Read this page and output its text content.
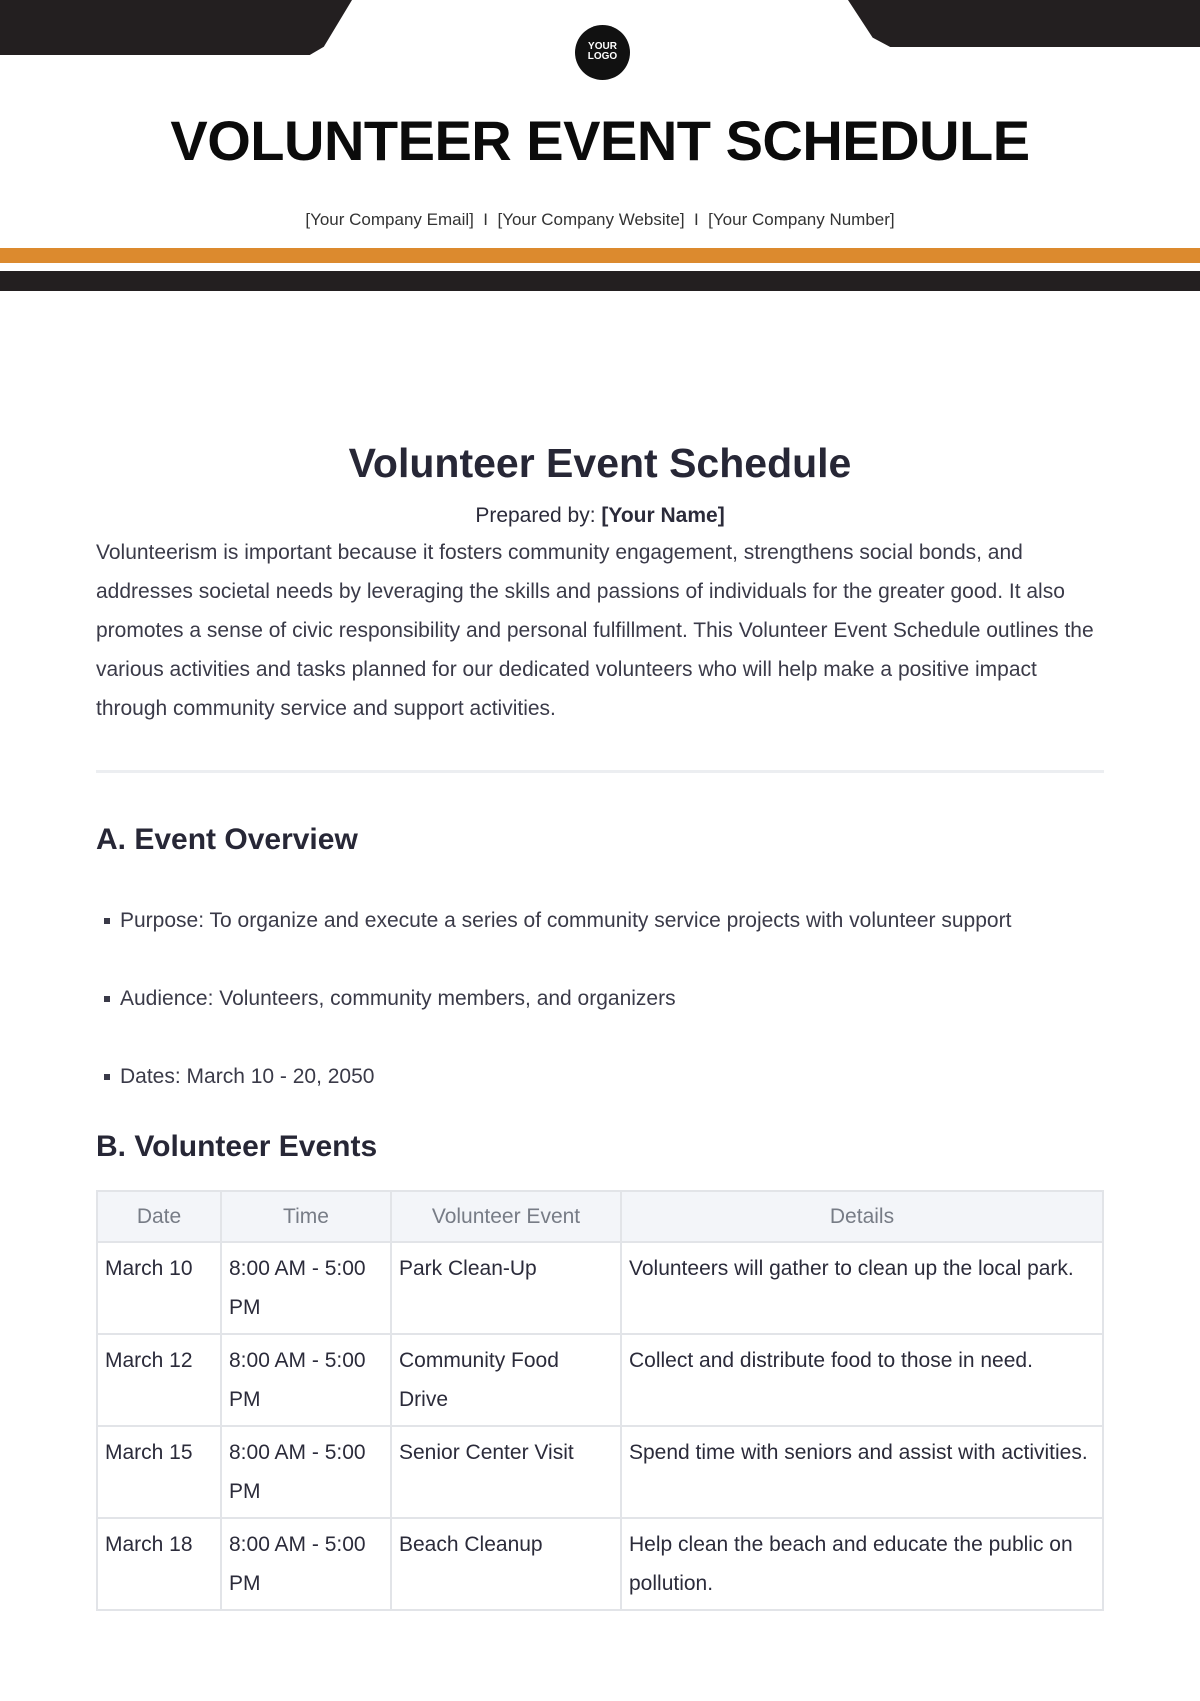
YOUR
LOGO
VOLUNTEER EVENT SCHEDULE
[Your Company Email]  I  [Your Company Website]  I  [Your Company Number]
Volunteer Event Schedule
Prepared by: [Your Name]

Volunteerism is important because it fosters community engagement, strengthens social bonds, and addresses societal needs by leveraging the skills and passions of individuals for the greater good. It also promotes a sense of civic responsibility and personal fulfillment. This Volunteer Event Schedule outlines the various activities and tasks planned for our dedicated volunteers who will help make a positive impact through community service and support activities.

A. Event Overview
Purpose: To organize and execute a series of community service projects with volunteer support
Audience: Volunteers, community members, and organizers
Dates: March 10 - 20, 2050
B. Volunteer Events
Date	Time	Volunteer Event	Details
March 10	8:00 AM - 5:00 PM	Park Clean-Up	Volunteers will gather to clean up the local park.
March 12	8:00 AM - 5:00 PM	Community Food Drive	Collect and distribute food to those in need.
March 15	8:00 AM - 5:00 PM	Senior Center Visit	Spend time with seniors and assist with activities.
March 18	8:00 AM - 5:00 PM	Beach Cleanup	Help clean the beach and educate the public on pollution.
